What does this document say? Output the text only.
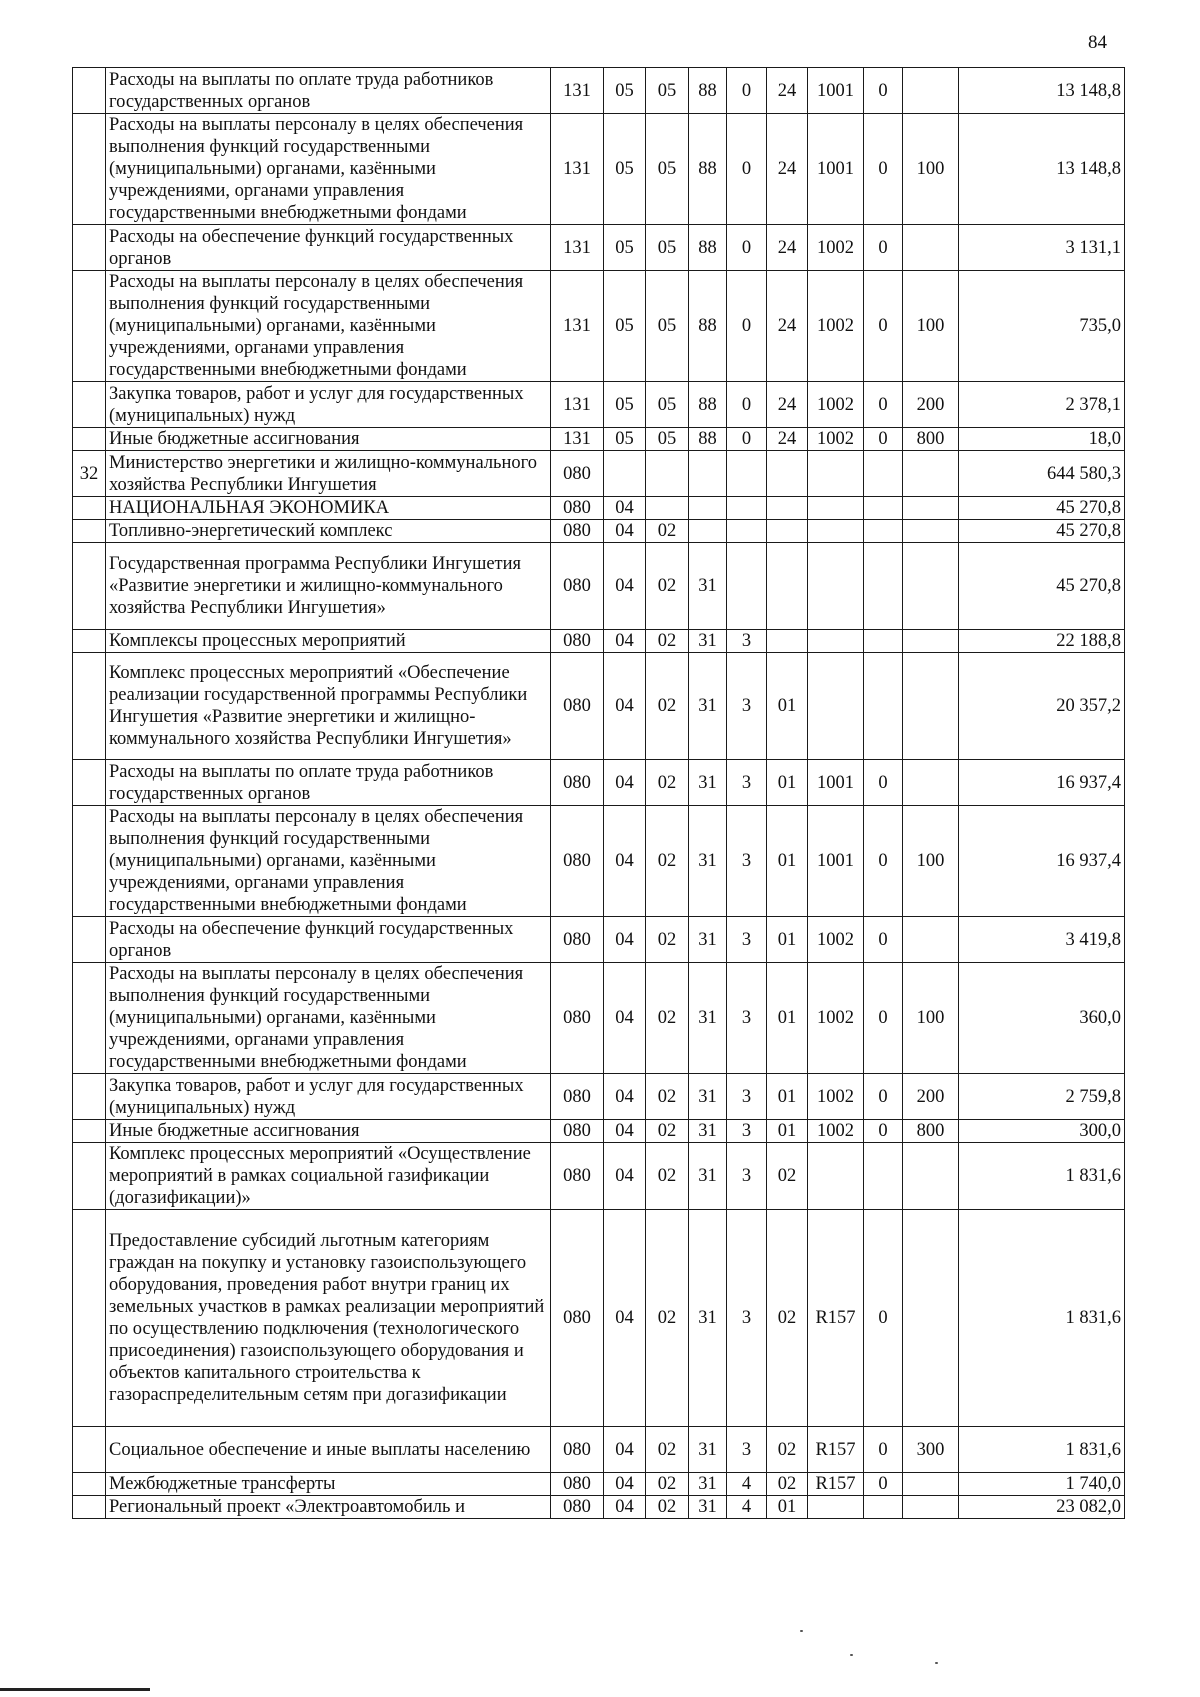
84
	Расходы на выплаты по оплате труда работников государственных органов	131	05	05	88	0	24	1001	0		13 148,8
	Расходы на выплаты персоналу в целях обеспечения выполнения функций государственными (муниципальными) органами, казёнными учреждениями, органами управления государственными внебюджетными фондами	131	05	05	88	0	24	1001	0	100	13 148,8
	Расходы на обеспечение функций государственных органов	131	05	05	88	0	24	1002	0		3 131,1
	Расходы на выплаты персоналу в целях обеспечения выполнения функций государственными (муниципальными) органами, казёнными учреждениями, органами управления государственными внебюджетными фондами	131	05	05	88	0	24	1002	0	100	735,0
	Закупка товаров, работ и услуг для государственных (муниципальных) нужд	131	05	05	88	0	24	1002	0	200	2 378,1
	Иные бюджетные ассигнования	131	05	05	88	0	24	1002	0	800	18,0
32	Министерство энергетики и жилищно-коммунального хозяйства Республики Ингушетия	080									644 580,3
	НАЦИОНАЛЬНАЯ ЭКОНОМИКА	080	04								45 270,8
	Топливно-энергетический комплекс	080	04	02							45 270,8
	Государственная программа Республики Ингушетия «Развитие энергетики и жилищно-коммунального хозяйства Республики Ингушетия»	080	04	02	31						45 270,8
	Комплексы процессных мероприятий	080	04	02	31	3					22 188,8
	Комплекс процессных мероприятий «Обеспечение реализации государственной программы Республики Ингушетия «Развитие энергетики и жилищно-коммунального хозяйства Республики Ингушетия»	080	04	02	31	3	01				20 357,2
	Расходы на выплаты по оплате труда работников государственных органов	080	04	02	31	3	01	1001	0		16 937,4
	Расходы на выплаты персоналу в целях обеспечения выполнения функций государственными (муниципальными) органами, казёнными учреждениями, органами управления государственными внебюджетными фондами	080	04	02	31	3	01	1001	0	100	16 937,4
	Расходы на обеспечение функций государственных органов	080	04	02	31	3	01	1002	0		3 419,8
	Расходы на выплаты персоналу в целях обеспечения выполнения функций государственными (муниципальными) органами, казёнными учреждениями, органами управления государственными внебюджетными фондами	080	04	02	31	3	01	1002	0	100	360,0
	Закупка товаров, работ и услуг для государственных (муниципальных) нужд	080	04	02	31	3	01	1002	0	200	2 759,8
	Иные бюджетные ассигнования	080	04	02	31	3	01	1002	0	800	300,0
	Комплекс процессных мероприятий «Осуществление мероприятий в рамках социальной газификации (догазификации)»	080	04	02	31	3	02				1 831,6
	Предоставление субсидий льготным категориям граждан на покупку и установку газоиспользующего оборудования, проведения работ внутри границ их земельных участков в рамках реализации мероприятий по осуществлению подключения (технологического присоединения) газоиспользующего оборудования и объектов капитального строительства к газораспределительным сетям при догазификации	080	04	02	31	3	02	R157	0		1 831,6
	Социальное обеспечение и иные выплаты населению	080	04	02	31	3	02	R157	0	300	1 831,6
	Межбюджетные трансферты	080	04	02	31	4	02	R157	0		1 740,0
	Региональный проект «Электроавтомобиль и	080	04	02	31	4	01				23 082,0
